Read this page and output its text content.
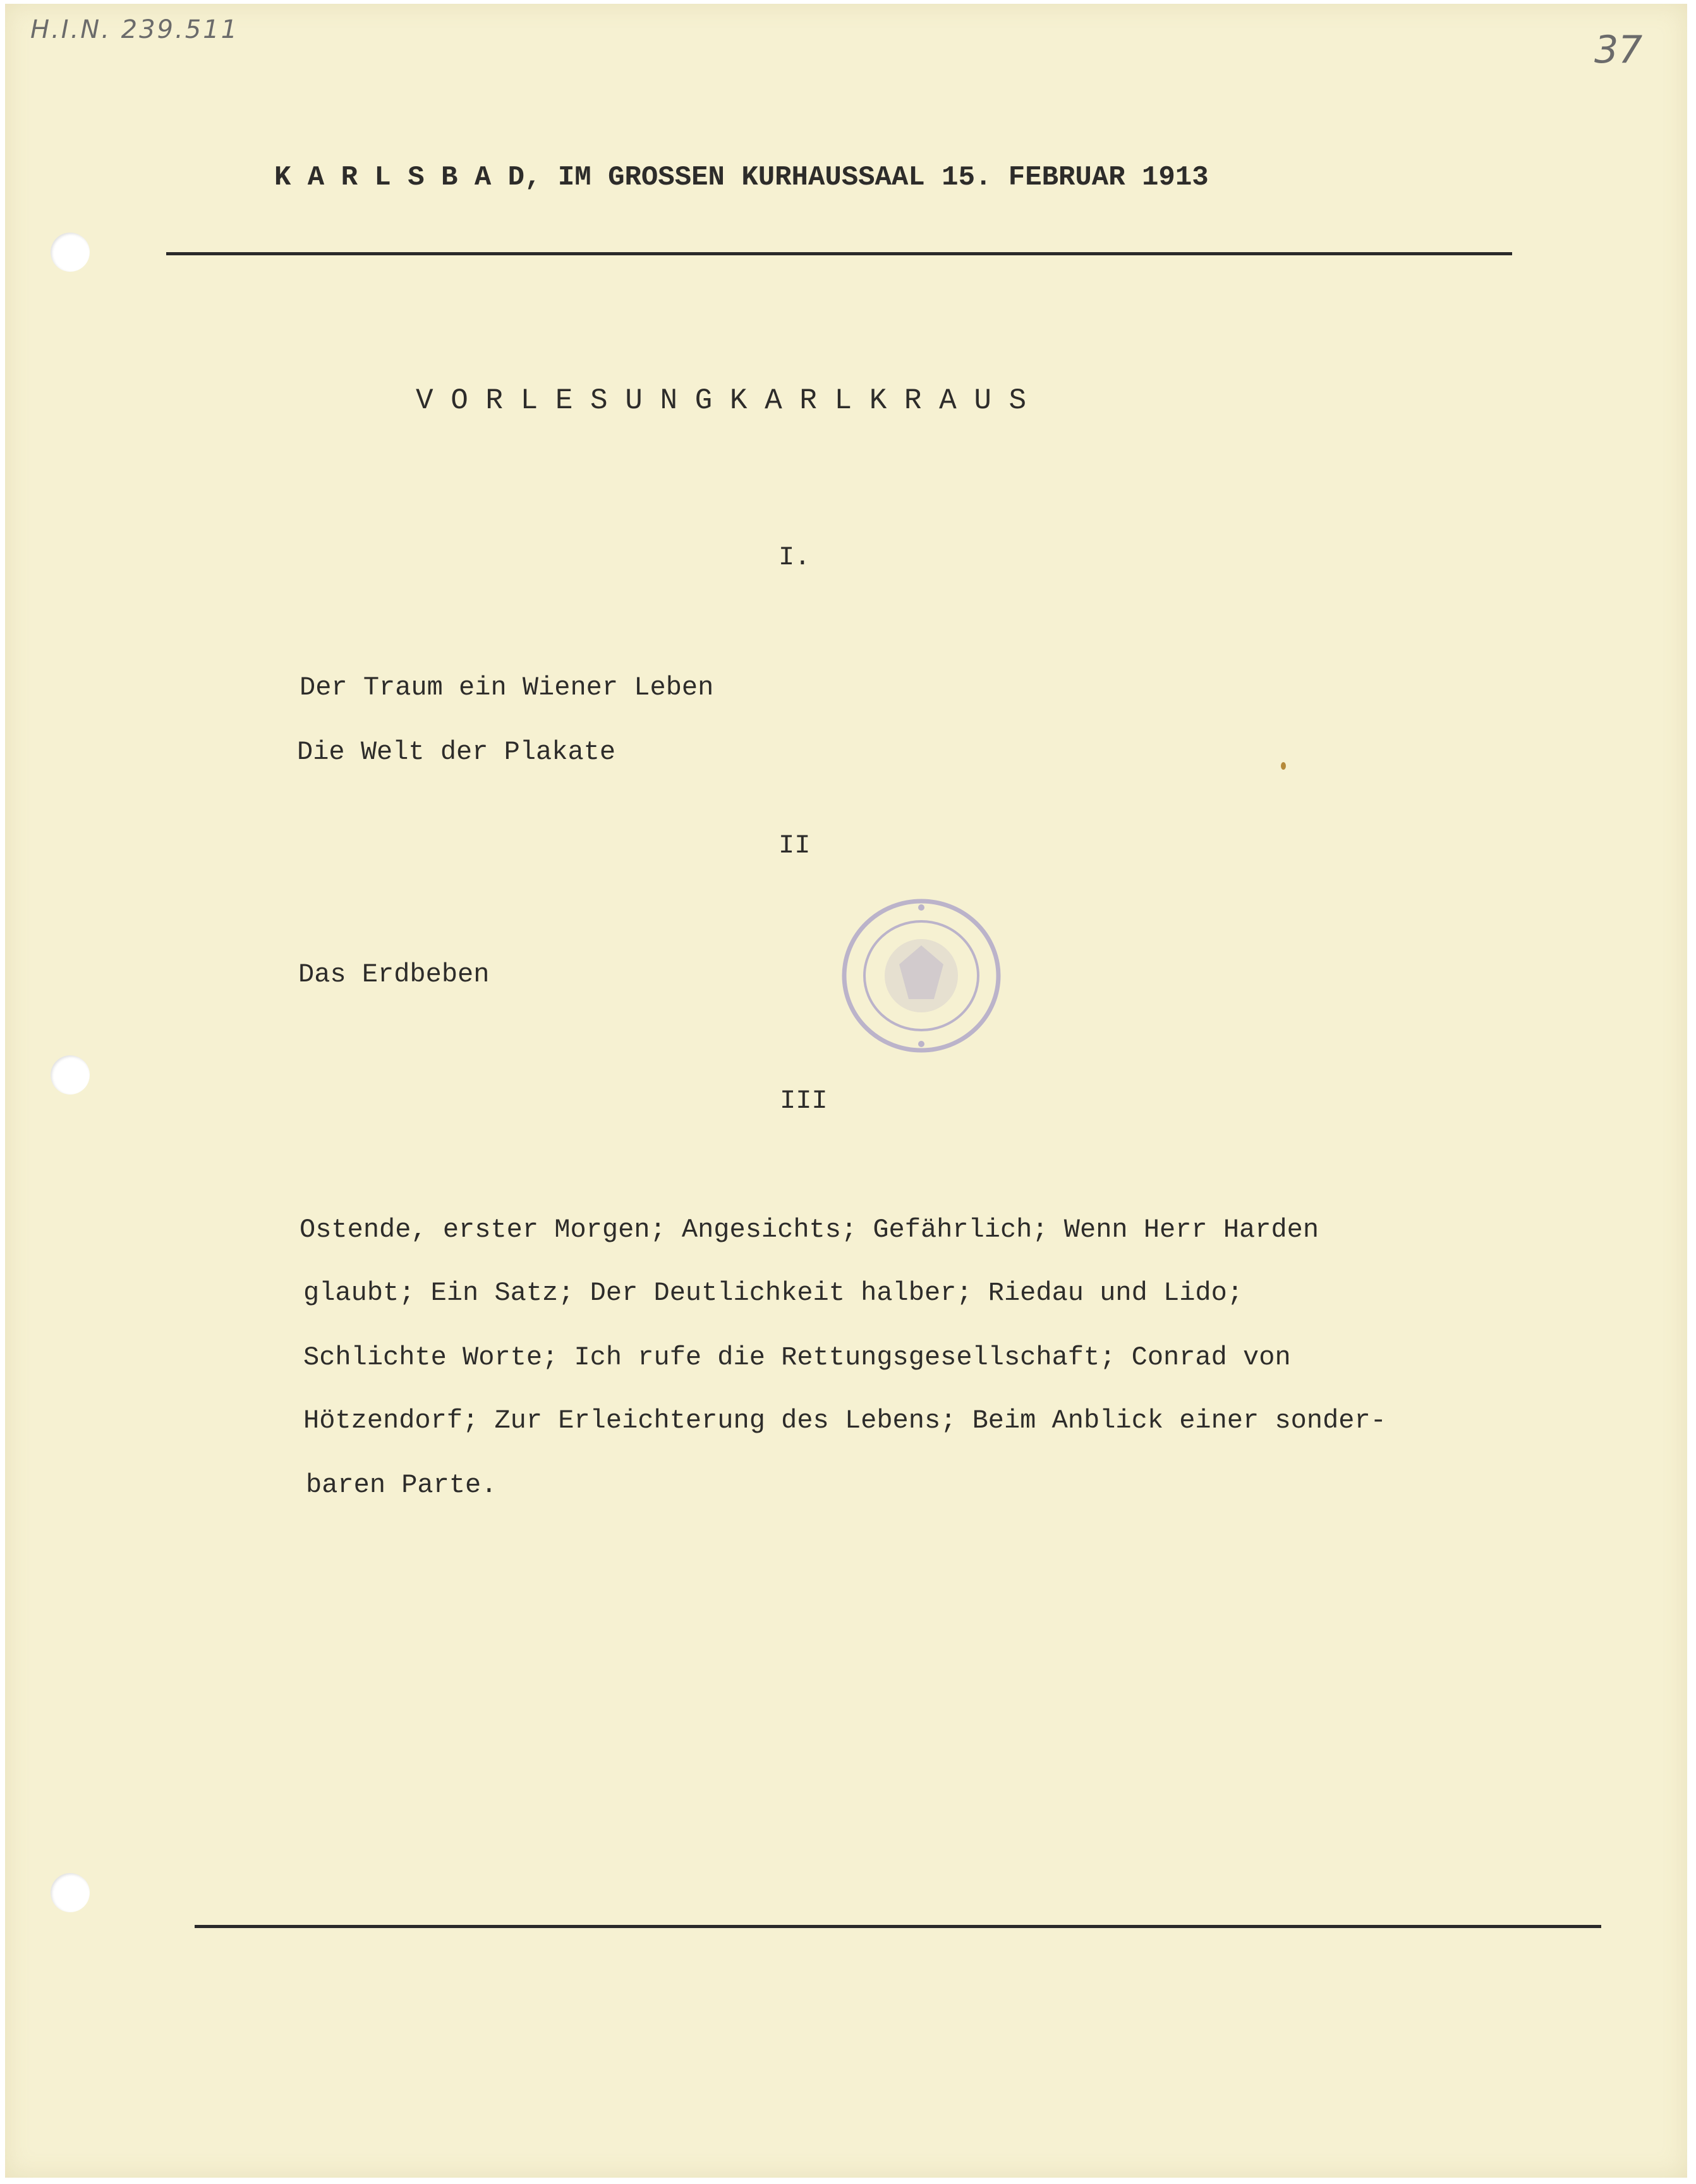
H.I.N. 239.511	37
K A R L S B A D, IM GROSSEN KURHAUSSAAL 15. FEBRUAR 1913
V O R L E S U N G K A R L K R A U S
I.
Der Traum ein Wiener Leben
Die Welt der Plakate
II
Das Erdbeben
III
Ostende, erster Morgen; Angesichts; Gefährlich; Wenn Herr Harden
glaubt; Ein Satz; Der Deutlichkeit halber; Riedau und Lido;
Schlichte Worte; Ich rufe die Rettungsgesellschaft; Conrad von
Hötzendorf; Zur Erleichterung des Lebens; Beim Anblick einer sonder-
baren Parte.
